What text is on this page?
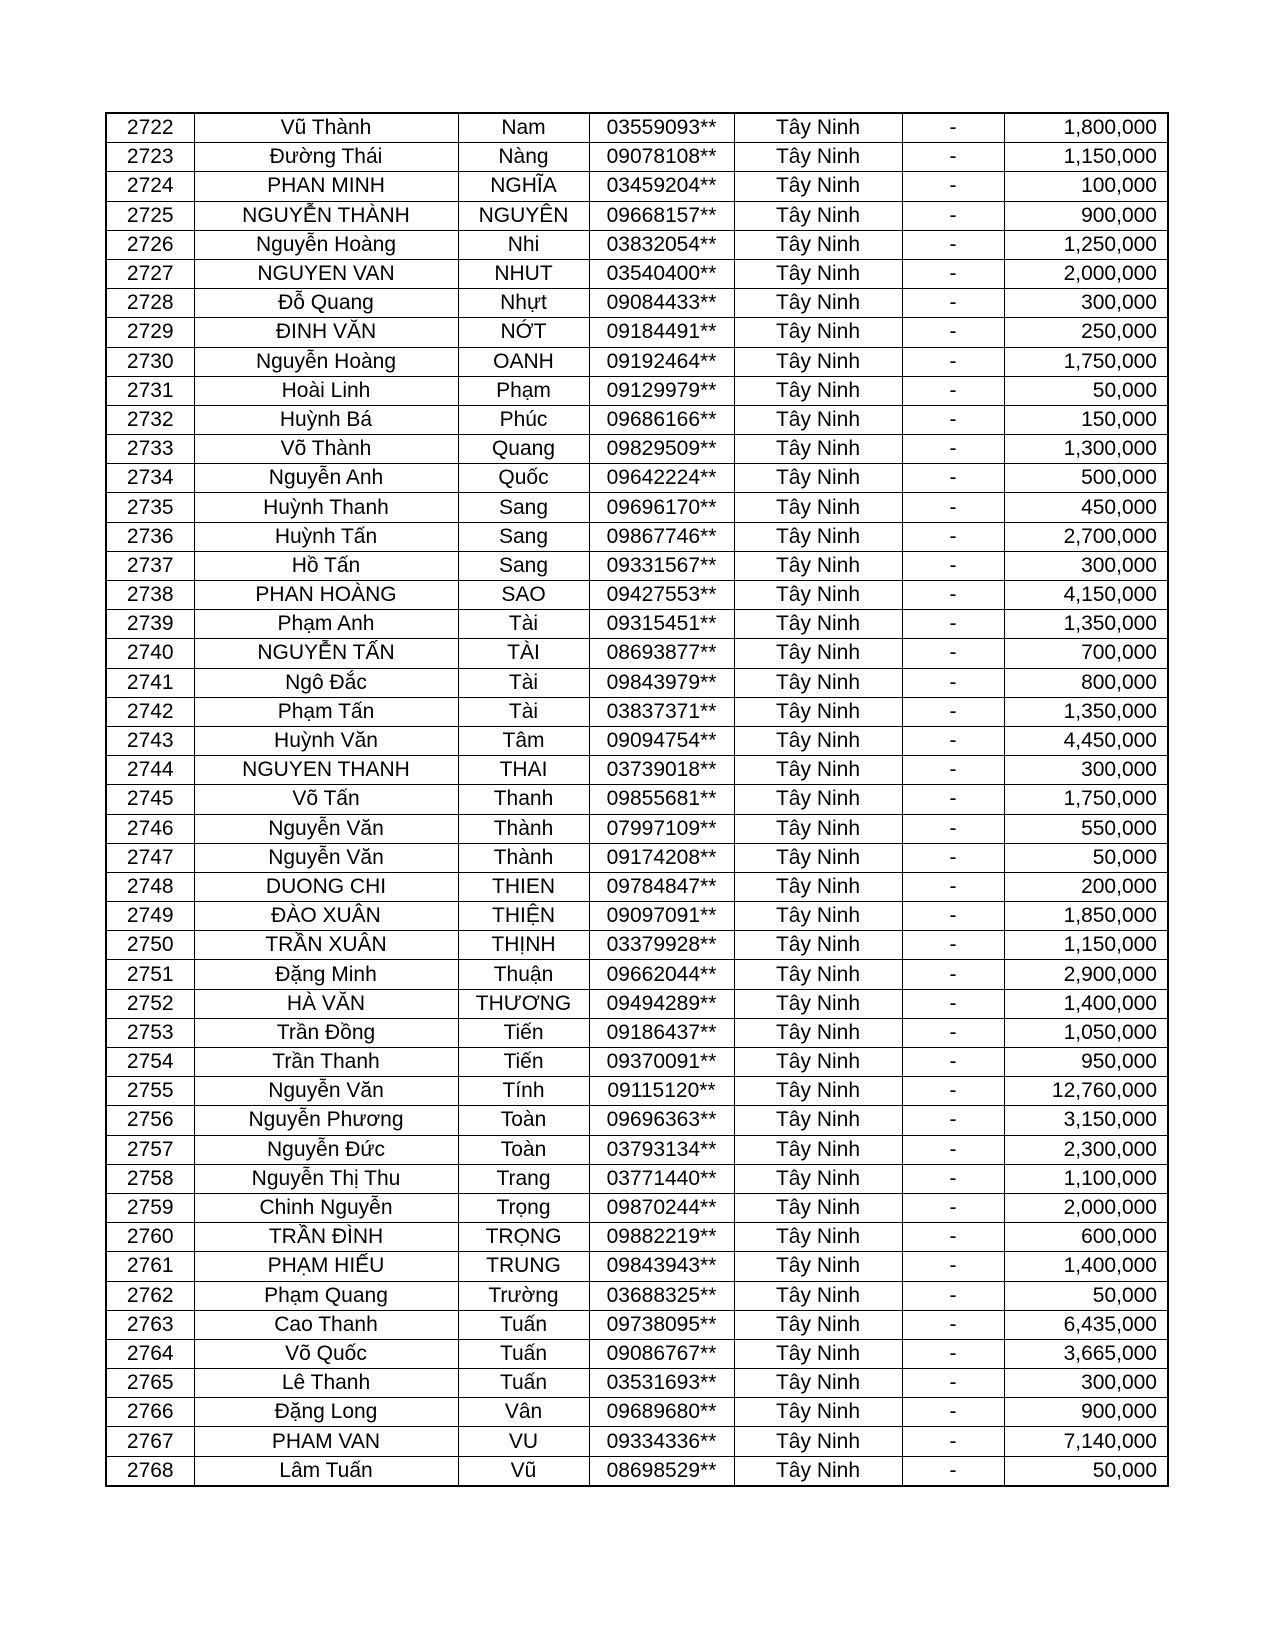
2722	Vũ Thành	Nam	03559093**	Tây Ninh	-	1,800,000
2723	Đường Thái	Nàng	09078108**	Tây Ninh	-	1,150,000
2724	PHAN MINH	NGHĨA	03459204**	Tây Ninh	-	100,000
2725	NGUYỄN THÀNH	NGUYÊN	09668157**	Tây Ninh	-	900,000
2726	Nguyễn Hoàng	Nhi	03832054**	Tây Ninh	-	1,250,000
2727	NGUYEN VAN	NHUT	03540400**	Tây Ninh	-	2,000,000
2728	Đỗ Quang	Nhựt	09084433**	Tây Ninh	-	300,000
2729	ĐINH VĂN	NỚT	09184491**	Tây Ninh	-	250,000
2730	Nguyễn Hoàng	OANH	09192464**	Tây Ninh	-	1,750,000
2731	Hoài Linh	Phạm	09129979**	Tây Ninh	-	50,000
2732	Huỳnh Bá	Phúc	09686166**	Tây Ninh	-	150,000
2733	Võ Thành	Quang	09829509**	Tây Ninh	-	1,300,000
2734	Nguyễn Anh	Quốc	09642224**	Tây Ninh	-	500,000
2735	Huỳnh Thanh	Sang	09696170**	Tây Ninh	-	450,000
2736	Huỳnh Tấn	Sang	09867746**	Tây Ninh	-	2,700,000
2737	Hồ Tấn	Sang	09331567**	Tây Ninh	-	300,000
2738	PHAN HOÀNG	SAO	09427553**	Tây Ninh	-	4,150,000
2739	Phạm Anh	Tài	09315451**	Tây Ninh	-	1,350,000
2740	NGUYỄN TẤN	TÀI	08693877**	Tây Ninh	-	700,000
2741	Ngô Đắc	Tài	09843979**	Tây Ninh	-	800,000
2742	Phạm Tấn	Tài	03837371**	Tây Ninh	-	1,350,000
2743	Huỳnh Văn	Tâm	09094754**	Tây Ninh	-	4,450,000
2744	NGUYEN THANH	THAI	03739018**	Tây Ninh	-	300,000
2745	Võ Tấn	Thanh	09855681**	Tây Ninh	-	1,750,000
2746	Nguyễn Văn	Thành	07997109**	Tây Ninh	-	550,000
2747	Nguyễn Văn	Thành	09174208**	Tây Ninh	-	50,000
2748	DUONG CHI	THIEN	09784847**	Tây Ninh	-	200,000
2749	ĐÀO XUÂN	THIỆN	09097091**	Tây Ninh	-	1,850,000
2750	TRẦN XUÂN	THỊNH	03379928**	Tây Ninh	-	1,150,000
2751	Đặng Minh	Thuận	09662044**	Tây Ninh	-	2,900,000
2752	HÀ VĂN	THƯƠNG	09494289**	Tây Ninh	-	1,400,000
2753	Trần Đồng	Tiến	09186437**	Tây Ninh	-	1,050,000
2754	Trần Thanh	Tiến	09370091**	Tây Ninh	-	950,000
2755	Nguyễn Văn	Tính	09115120**	Tây Ninh	-	12,760,000
2756	Nguyễn Phương	Toàn	09696363**	Tây Ninh	-	3,150,000
2757	Nguyễn Đức	Toàn	03793134**	Tây Ninh	-	2,300,000
2758	Nguyễn Thị Thu	Trang	03771440**	Tây Ninh	-	1,100,000
2759	Chinh Nguyễn	Trọng	09870244**	Tây Ninh	-	2,000,000
2760	TRẦN ĐÌNH	TRỌNG	09882219**	Tây Ninh	-	600,000
2761	PHẠM HIẾU	TRUNG	09843943**	Tây Ninh	-	1,400,000
2762	Phạm Quang	Trường	03688325**	Tây Ninh	-	50,000
2763	Cao Thanh	Tuấn	09738095**	Tây Ninh	-	6,435,000
2764	Võ Quốc	Tuấn	09086767**	Tây Ninh	-	3,665,000
2765	Lê Thanh	Tuấn	03531693**	Tây Ninh	-	300,000
2766	Đặng Long	Vân	09689680**	Tây Ninh	-	900,000
2767	PHAM VAN	VU	09334336**	Tây Ninh	-	7,140,000
2768	Lâm Tuấn	Vũ	08698529**	Tây Ninh	-	50,000
